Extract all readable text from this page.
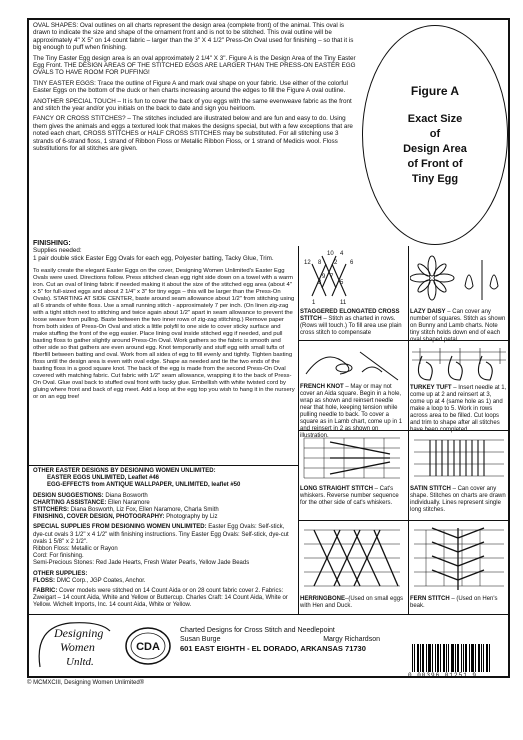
OVAL SHAPES: Oval outlines on all charts represent the design area (complete front) of the animal. This oval is drawn to indicate the size and shape of the ornament front and is not to be stitched. This oval outline will be approximately 4" X 5" on 14 count fabric – larger than the 3" X 4 1/2" Press-On Oval used for finishing – so that it is big enough to puff when finishing.

The Tiny Easter Egg design area is an oval approximately 2 1/4" X 3". Figure A is the Design Area of the Tiny Easter Egg Front. THE DESIGN AREAS OF THE STITCHED EGGS ARE LARGER THAN THE PRESS-ON EASTER EGG OVALS TO HAVE ROOM FOR PUFFING!

TINY EASTER EGGS: Trace the outline of Figure A and mark oval shape on your fabric. Use either of the colorful Easter Eggs on the bottom of the duck or hen charts increasing around the edges to fill the Figure A oval outline.

ANOTHER SPECIAL TOUCH – It is fun to cover the back of you eggs with the same evenweave fabric as the front and stitch the year and/or you initials on the back to date and sign you heirloom.

FANCY OR CROSS STITCHES? – The stitches included are illustrated below and are fun and easy to do. Using them gives the animals and eggs a textured look that makes the designs special, but with a few exceptions that are noted each chart, CROSS STITCHES or HALF CROSS STITCHES may be substituted. For all stitching use 3 strands of 6-strand floss, 1 strand of Ribbon Floss or Metallic Ribbon Floss, or 1 strand of Medicis wool. Floss substitutions for all stitches are given.

Figure A
Exact Size
of
Design Area
of Front of
Tiny Egg

FINISHING:

Supplies needed:

1 pair double stick Easter Egg Ovals for each egg, Polyester batting, Tacky Glue, Trim.

To easily create the elegant Easter Eggs on the cover, Designing Women Unlimited's Easter Egg Ovals were used. Directions follow. Press stitched clean egg right side down on a towel with a warm iron. Cut an oval of lining fabric if needed making it about the size of the stitched egg area (about 4" x 5" for full-sized eggs and about 2 1/4" x 3" for tiny eggs – this will be larger than the Press-On Ovals). STARTING AT SIDE CENTER, baste around seam allowance about 1/2" from stitching using all 6 strands of white floss. Use a small running stitch - approximately 7 per inch. (On linen zig-zag with a tight stitch next to stitching and twice again about 1/2" apart in seam allowance to prevent the loose weave from pulling. Baste between the two inner rows of zig-zag stitching.) Remove paper from both sides of Press-On Oval and stick a little polyfil to one side to cover sticky surface and make stuffing the front of the egg easier. Place lining oval inside stitched egg if needed, and pull basting floss to gather slightly around Press-On Oval. Work gathers so the fabric is smooth and other side so that gathers are even around egg. Knot temporarily and stuff egg with small tufts of fiberfill between batting and oval. Work from all sides of egg to fill evenly and tightly. Tighten basting floss until the design area is even with oval edge. Shape as needed and tie the two ends of the basting floss in a good square knot. The back of the egg is made from the second Press-On Oval covered with matching fabric. Cut fabric with 1/2" seam allowance, wrapping it to the back of Press-On Oval. Glue oval back to stuffed oval front with tacky glue. Embellish with white twisted cord by gluing where front and back of egg meet. Add a loop at the egg top you wish to hang it in the nursery or on an egg tree!

OTHER EASTER DESIGNS BY DESIGNING WOMEN UNLIMITED:

EASTER EGGS UNLIMITED, Leaflet #46

EGG-EFFECTS from ANTIQUE WALLPAPER, UNLIMITED, leaflet #50

DESIGN SUGGESTIONS: Diana Bosworth

CHARTING ASSISTANCE: Ellen Naramore

STITCHERS: Diana Bosworth, Liz Fox, Ellen Naramore, Charla Smith

FINISHING, COVER DESIGN, PHOTOGRAPHY: Photography by Liz

SPECIAL SUPPLIES FROM DESIGNING WOMEN UNLIMITED: Easter Egg Ovals: Self-stick, dye-cut ovals 3 1/2" x 4 1/2" with finishing instructions. Tiny Easter Egg Ovals: Self-stick, dye-cut ovals 1 5/8" x 2 1/2".

Ribbon Floss: Metallic or Rayon

Cord: For finishing.

Semi-Precious Stones: Red Jade Hearts, Fresh Water Pearls, Yellow Jade Beads

OTHER SUPPLIES:

FLOSS: DMC Corp., JGP Coates, Anchor.

FABRIC: Cover models were stitched on 14 Count Aida or on 28 count fabric cover 2. Fabrics: Zweigart – 14 count Aida, White and Yellow or Buttercup. Charles Craft: 14 Count Aida, White or Yellow. Wichelt Imports, Inc. 14 count Aida, White or Yellow.

10 4
12 8 2 6
9 7
3	5
1	11
STAGGERED ELONGATED CROSS STITCH – Stitch as charted in rows. (Rows will touch.) To fill area use plain cross stitch to compensate
LAZY DAISY – Can cover any number of squares. Stitch as shown on Bunny and Lamb charts. Note tiny stitch holds down end of each oval shaped petal.
FRENCH KNOT – May or may not cover an Aida square. Begin in a hole, wrap as shown and reinsert needle near that hole, keeping tension while pulling needle to back. To cover a square as in Lamb chart, come up in 1 and reinsert in 2 as shown on illustration.
TURKEY TUFT – Insert needle at 1, come up at 2 and reinsert at 3, come up at 4 (same hole as 1) and make a loop to 5. Work in rows across area to be filled. Cut loops and trim to shape after all stitches have been completed.
LONG STRAIGHT STITCH – Cat's whiskers. Reverse number sequence for the other side of cat's whiskers.
SATIN STITCH – Can cover any shape. Stitches on charts are drawn individually. Lines represent single long stitches.
HERRINGBONE–(Used on small eggs with Hen and Duck.
FERN STITCH – (Used on Hen's beak.
Designing
Women
Unltd.
CDA
Charted Designs for Cross Stitch and Needlepoint
Susan Burge	Margy Richardson
601 EAST EIGHTH - EL DORADO, ARKANSAS 71730
0 00396 01251 9
© MCMXCIII, Designing Women Unlimited®
